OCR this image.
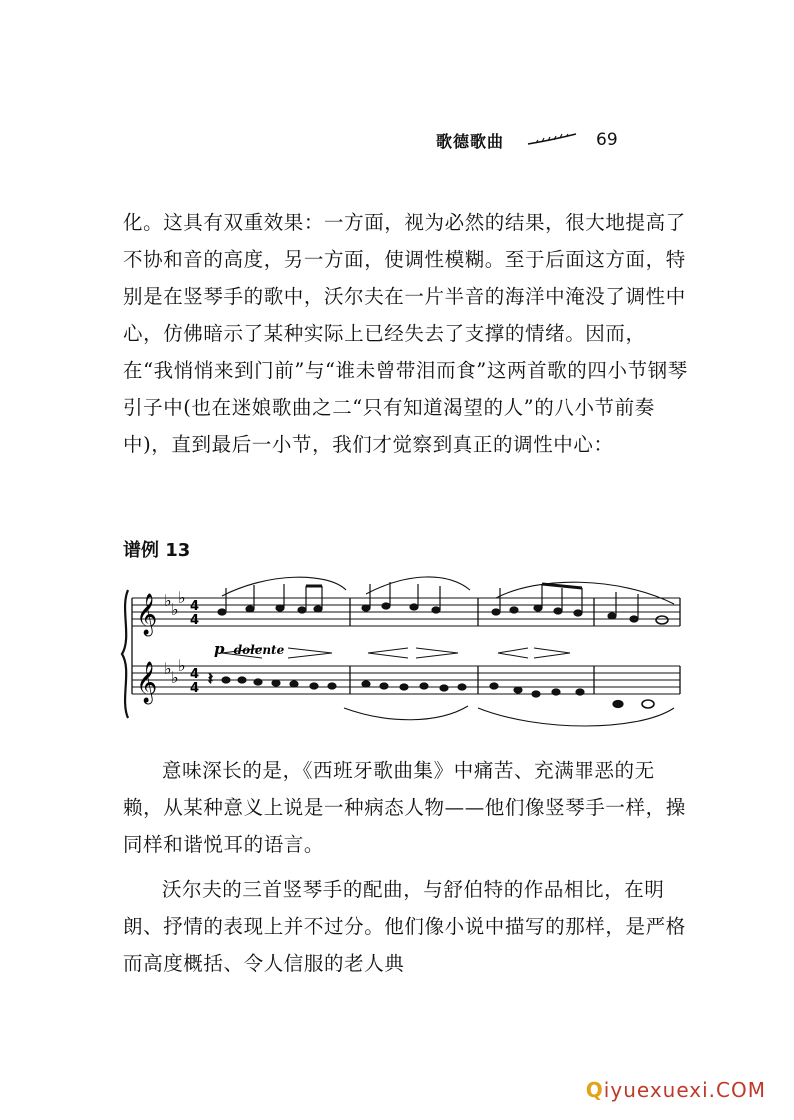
歌德歌曲	69

化。这具有双重效果：一方面，视为必然的结果，很大地提高了不协和音的高度，另一方面，使调性模糊。至于后面这方面，特别是在竖琴手的歌中，沃尔夫在一片半音的海洋中淹没了调性中心，仿佛暗示了某种实际上已经失去了支撑的情绪。因而，在“我悄悄来到门前”与“谁未曾带泪而食”这两首歌的四小节钢琴引子中(也在迷娘歌曲之二“只有知道渴望的人”的八小节前奏中)，直到最后一小节，我们才觉察到真正的调性中心：

谱例 13
𝄞
𝄞
♭ ♭
♭
♭ ♭
♭
4
4
4
4
p dolente
𝄽

意味深长的是，《西班牙歌曲集》中痛苦、充满罪恶的无赖，从某种意义上说是一种病态人物——他们像竖琴手一样，操同样和谐悦耳的语言。

沃尔夫的三首竖琴手的配曲，与舒伯特的作品相比，在明朗、抒情的表现上并不过分。他们像小说中描写的那样，是严格而高度概括、令人信服的老人典

Qiyuexuexi.COM
